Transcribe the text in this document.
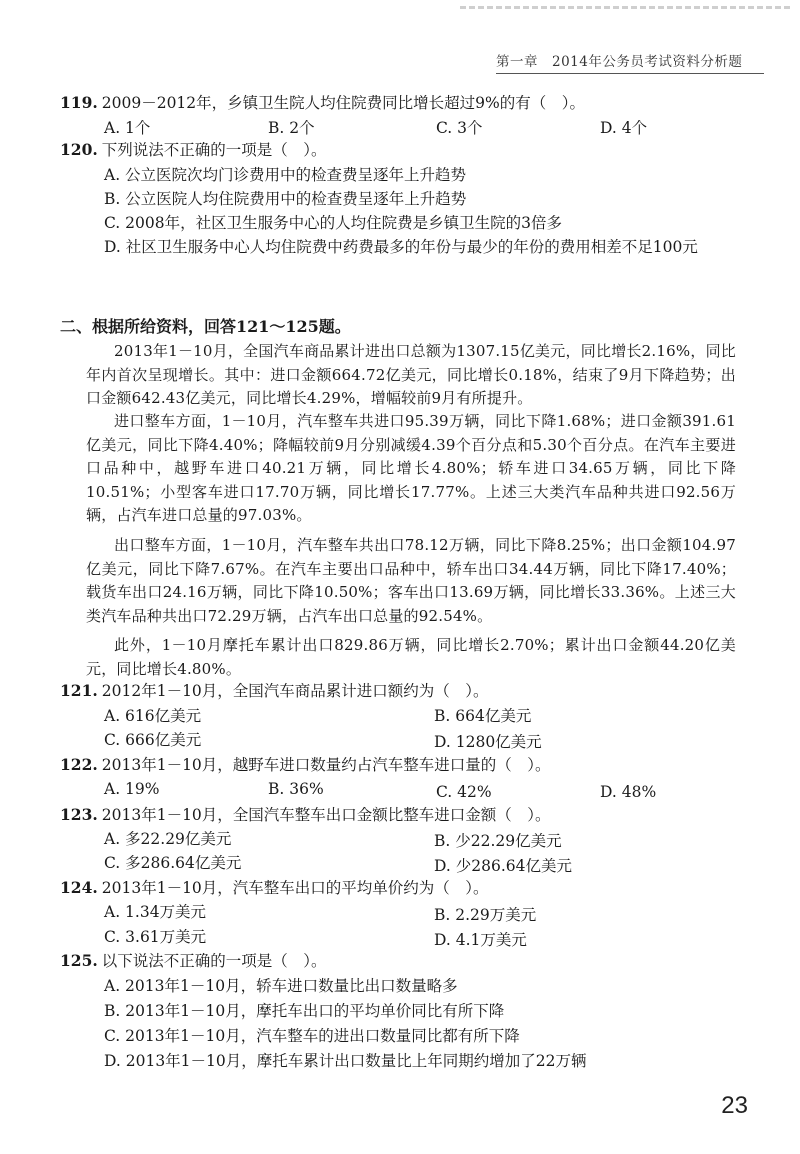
第一章 2014年公务员考试资料分析题
119. 2009－2012年，乡镇卫生院人均住院费同比增长超过9%的有（　）。
A. 1个	B. 2个	C. 3个	D. 4个
120. 下列说法不正确的一项是（　）。
A. 公立医院次均门诊费用中的检查费呈逐年上升趋势
B. 公立医院人均住院费用中的检查费呈逐年上升趋势
C. 2008年，社区卫生服务中心的人均住院费是乡镇卫生院的3倍多
D. 社区卫生服务中心人均住院费中药费最多的年份与最少的年份的费用相差不足100元
二、根据所给资料，回答121～125题。
2013年1－10月，全国汽车商品累计进出口总额为1307.15亿美元，同比增长2.16%，同比年内首次呈现增长。其中：进口金额664.72亿美元，同比增长0.18%，结束了9月下降趋势；出口金额642.43亿美元，同比增长4.29%，增幅较前9月有所提升。
进口整车方面，1－10月，汽车整车共进口95.39万辆，同比下降1.68%；进口金额391.61亿美元，同比下降4.40%；降幅较前9月分别减缓4.39个百分点和5.30个百分点。在汽车主要进口品种中，越野车进口40.21万辆，同比增长4.80%；轿车进口34.65万辆，同比下降10.51%；小型客车进口17.70万辆，同比增长17.77%。上述三大类汽车品种共进口92.56万辆，占汽车进口总量的97.03%。
出口整车方面，1－10月，汽车整车共出口78.12万辆，同比下降8.25%；出口金额104.97亿美元，同比下降7.67%。在汽车主要出口品种中，轿车出口34.44万辆，同比下降17.40%；载货车出口24.16万辆，同比下降10.50%；客车出口13.69万辆，同比增长33.36%。上述三大类汽车品种共出口72.29万辆，占汽车出口总量的92.54%。
此外，1－10月摩托车累计出口829.86万辆，同比增长2.70%；累计出口金额44.20亿美元，同比增长4.80%。
121. 2012年1－10月，全国汽车商品累计进口额约为（　）。
A. 616亿美元	B. 664亿美元
C. 666亿美元	D. 1280亿美元
122. 2013年1－10月，越野车进口数量约占汽车整车进口量的（　）。
A. 19%	B. 36%	C. 42%	D. 48%
123. 2013年1－10月，全国汽车整车出口金额比整车进口金额（　）。
A. 多22.29亿美元	B. 少22.29亿美元
C. 多286.64亿美元	D. 少286.64亿美元
124. 2013年1－10月，汽车整车出口的平均单价约为（　）。
A. 1.34万美元	B. 2.29万美元
C. 3.61万美元	D. 4.1万美元
125. 以下说法不正确的一项是（　）。
A. 2013年1－10月，轿车进口数量比出口数量略多
B. 2013年1－10月，摩托车出口的平均单价同比有所下降
C. 2013年1－10月，汽车整车的进出口数量同比都有所下降
D. 2013年1－10月，摩托车累计出口数量比上年同期约增加了22万辆
23
